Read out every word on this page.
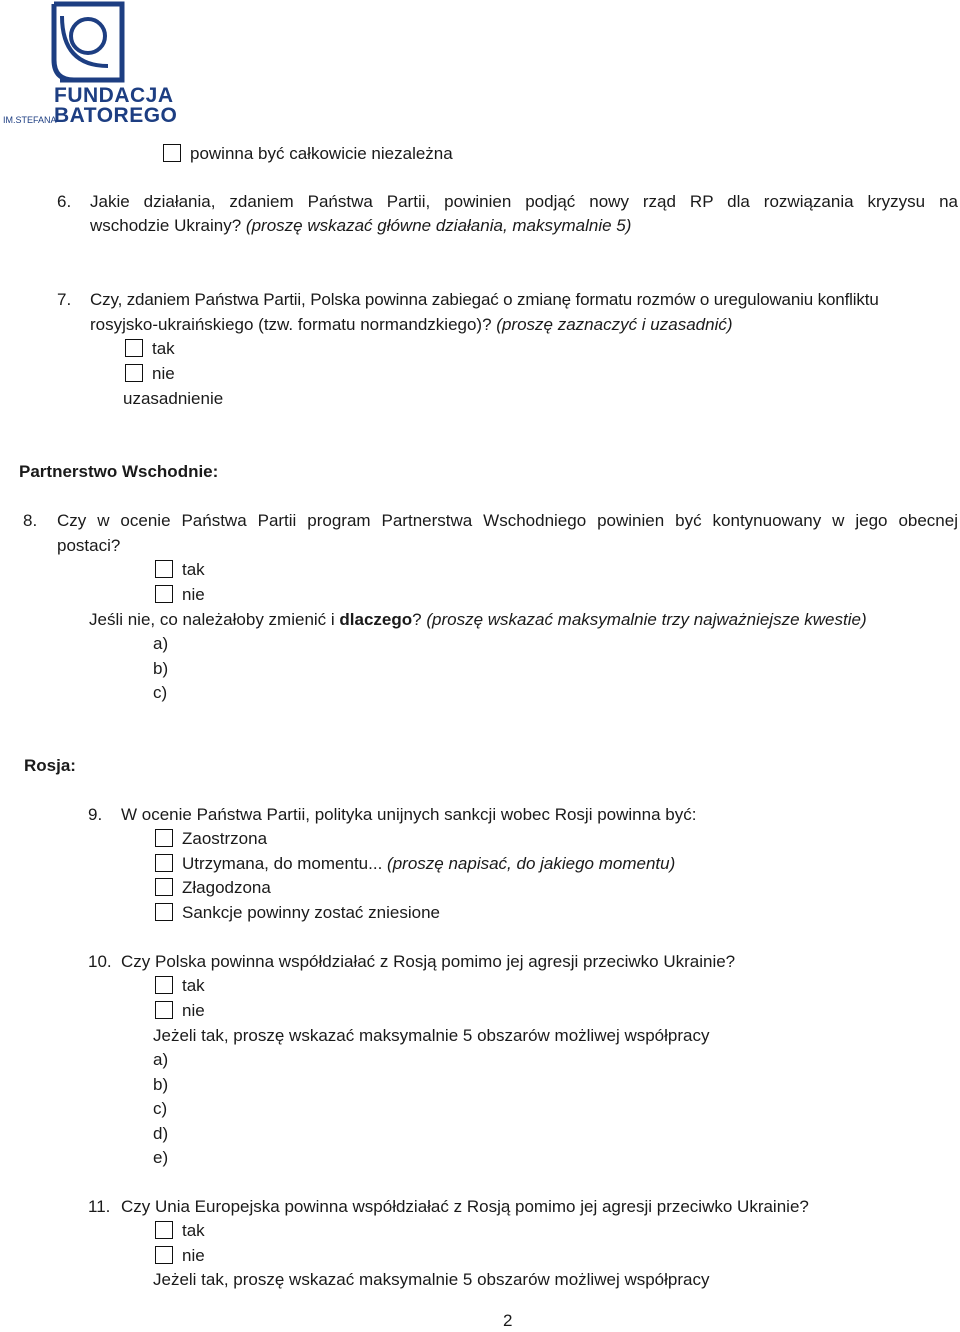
FUNDACJA
IM.STEFANA
BATOREGO
powinna być całkowicie niezależna
6. Jakie działania, zdaniem Państwa Partii, powinien podjąć nowy rząd RP dla rozwiązania kryzysu na
wschodzie Ukrainy? (proszę wskazać główne działania, maksymalnie 5)
7. Czy, zdaniem Państwa Partii, Polska powinna zabiegać o zmianę formatu rozmów o uregulowaniu konfliktu
rosyjsko-ukraińskiego (tzw. formatu normandzkiego)? (proszę zaznaczyć i uzasadnić)
tak
nie
uzasadnienie
Partnerstwo Wschodnie:
8. Czy w ocenie Państwa Partii program Partnerstwa Wschodniego powinien być kontynuowany w jego obecnej
postaci?
tak
nie
Jeśli nie, co należałoby zmienić i dlaczego? (proszę wskazać maksymalnie trzy najważniejsze kwestie)
a)
b)
c)
Rosja:
9. W ocenie Państwa Partii, polityka unijnych sankcji wobec Rosji powinna być:
Zaostrzona
Utrzymana, do momentu... (proszę napisać, do jakiego momentu)
Złagodzona
Sankcje powinny zostać zniesione
10. Czy Polska powinna współdziałać z Rosją pomimo jej agresji przeciwko Ukrainie?
tak
nie
Jeżeli tak, proszę wskazać maksymalnie 5 obszarów możliwej współpracy
a)
b)
c)
d)
e)
11. Czy Unia Europejska powinna współdziałać z Rosją pomimo jej agresji przeciwko Ukrainie?
tak
nie
Jeżeli tak, proszę wskazać maksymalnie 5 obszarów możliwej współpracy
2
